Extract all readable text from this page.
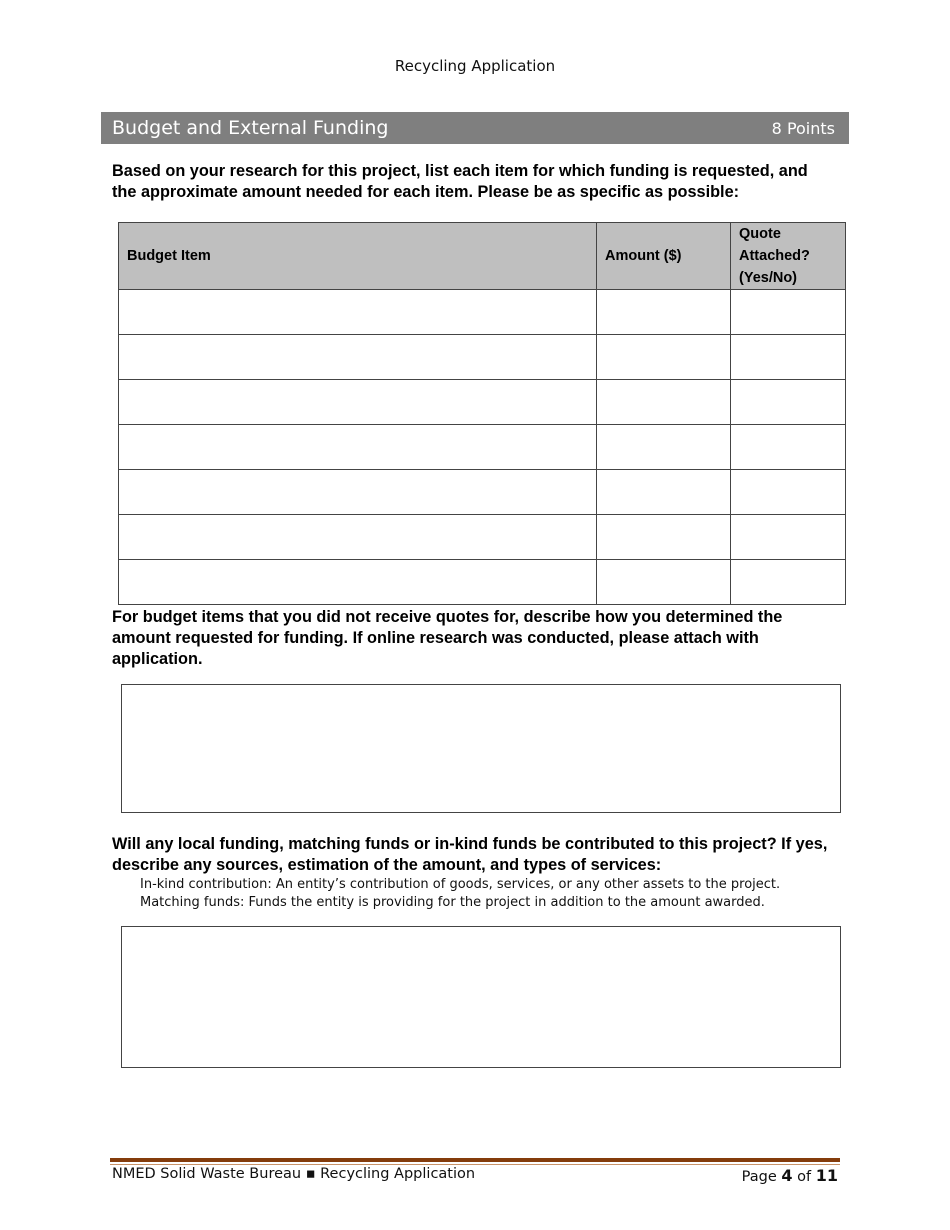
Recycling Application
Budget and External Funding	8 Points
Based on your research for this project, list each item for which funding is requested, and the approximate amount needed for each item. Please be as specific as possible:
Budget Item	Amount ($)	Quote Attached? (Yes/No)

For budget items that you did not receive quotes for, describe how you determined the amount requested for funding. If online research was conducted, please attach with application.
Will any local funding, matching funds or in-kind funds be contributed to this project? If yes, describe any sources, estimation of the amount, and types of services:
In-kind contribution: An entity’s contribution of goods, services, or any other assets to the project.
Matching funds: Funds the entity is providing for the project in addition to the amount awarded.
NMED Solid Waste Bureau ▪ Recycling Application	Page 4 of 11
